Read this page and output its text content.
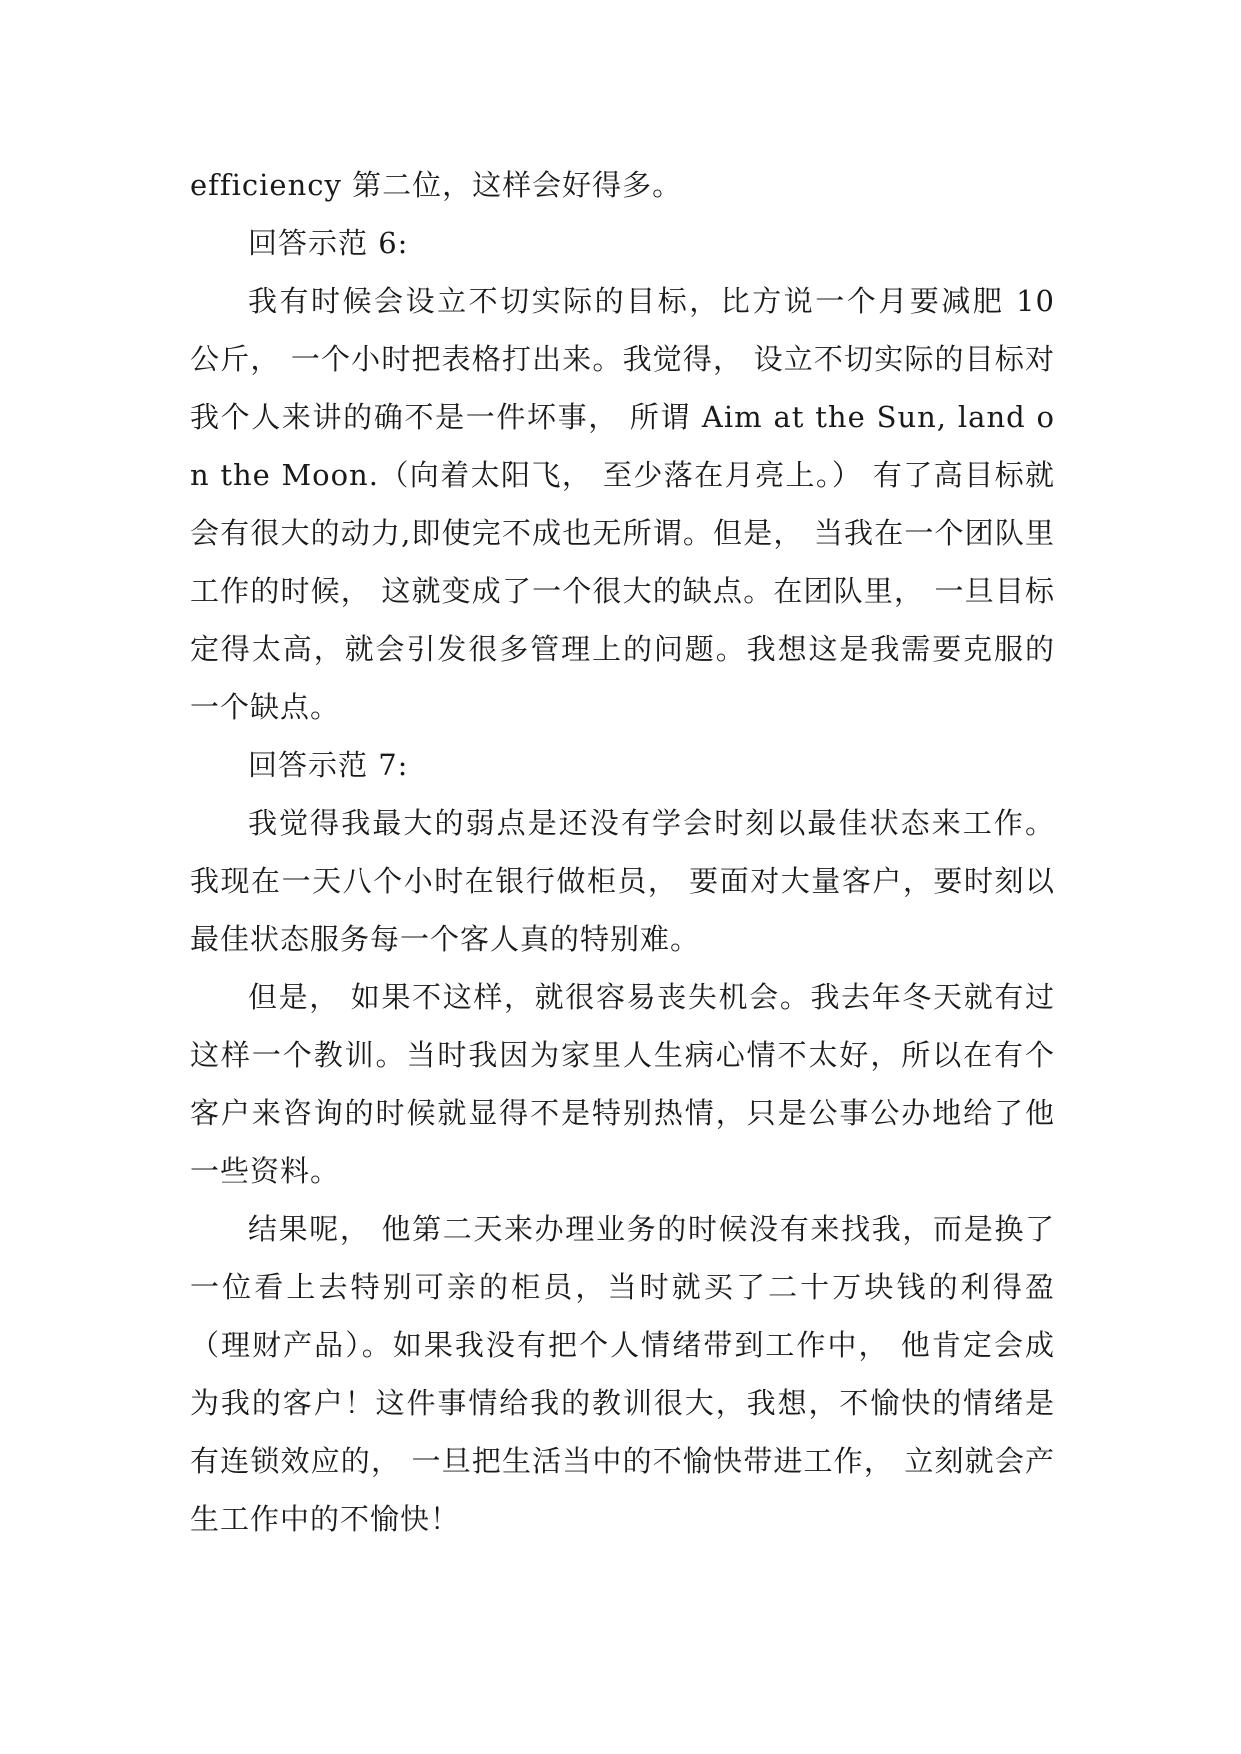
efficiency 第二位，这样会好得多。

回答示范 6:

我有时候会设立不切实际的目标，比方说一个月要减肥 10 公斤， 一个小时把表格打出来。我觉得， 设立不切实际的目标对我个人来讲的确不是一件坏事， 所谓 Aim at the Sun, land on the Moon.（向着太阳飞， 至少落在月亮上。） 有了高目标就会有很大的动力,即使完不成也无所谓。但是， 当我在一个团队里工作的时候， 这就变成了一个很大的缺点。在团队里， 一旦目标定得太高，就会引发很多管理上的问题。我想这是我需要克服的一个缺点。

回答示范 7:

我觉得我最大的弱点是还没有学会时刻以最佳状态来工作。我现在一天八个小时在银行做柜员， 要面对大量客户，要时刻以最佳状态服务每一个客人真的特别难。

但是， 如果不这样，就很容易丧失机会。我去年冬天就有过这样一个教训。当时我因为家里人生病心情不太好，所以在有个客户来咨询的时候就显得不是特别热情，只是公事公办地给了他一些资料。

结果呢， 他第二天来办理业务的时候没有来找我，而是换了一位看上去特别可亲的柜员，当时就买了二十万块钱的利得盈（理财产品）。如果我没有把个人情绪带到工作中， 他肯定会成为我的客户！这件事情给我的教训很大，我想，不愉快的情绪是有连锁效应的， 一旦把生活当中的不愉快带进工作， 立刻就会产生工作中的不愉快！
